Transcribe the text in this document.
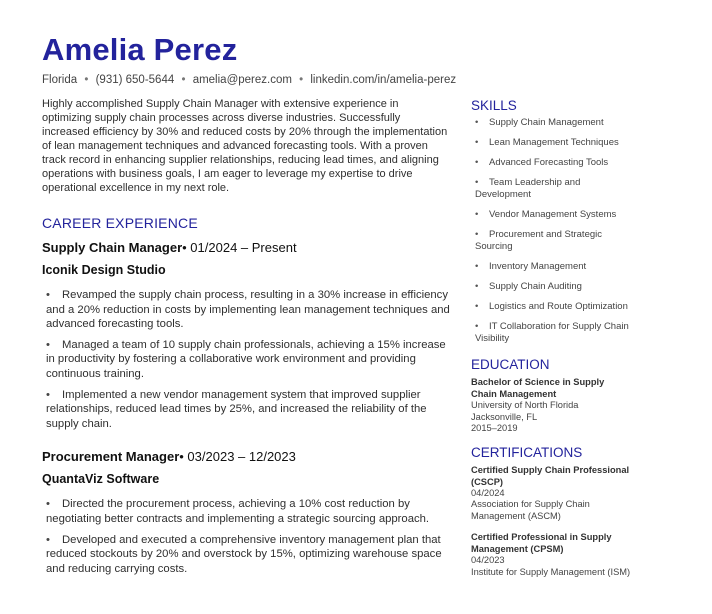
Amelia Perez
Florida • (931) 650-5644 • amelia@perez.com • linkedin.com/in/amelia-perez

Highly accomplished Supply Chain Manager with extensive experience in optimizing supply chain processes across diverse industries. Successfully increased efficiency by 30% and reduced costs by 20% through the implementation of lean management techniques and advanced forecasting tools. With a proven track record in enhancing supplier relationships, reducing lead times, and aligning operations with business goals, I am eager to leverage my expertise to drive operational excellence in my next role.

CAREER EXPERIENCE

Supply Chain Manager• 01/2024 – Present

Iconik Design Studio

• Revamped the supply chain process, resulting in a 30% increase in efficiency and a 20% reduction in costs by implementing lean management techniques and advanced forecasting tools.
• Managed a team of 10 supply chain professionals, achieving a 15% increase in productivity by fostering a collaborative work environment and providing continuous training.
• Implemented a new vendor management system that improved supplier relationships, reduced lead times by 25%, and increased the reliability of the supply chain.

Procurement Manager• 03/2023 – 12/2023

QuantaViz Software

• Directed the procurement process, achieving a 10% cost reduction by negotiating better contracts and implementing a strategic sourcing approach.
• Developed and executed a comprehensive inventory management plan that reduced stockouts by 20% and overstock by 15%, optimizing warehouse space and reducing carrying costs.
SKILLS
• Supply Chain Management
• Lean Management Techniques
• Advanced Forecasting Tools
• Team Leadership and Development
• Vendor Management Systems
• Procurement and Strategic Sourcing
• Inventory Management
• Supply Chain Auditing
• Logistics and Route Optimization
• IT Collaboration for Supply Chain Visibility
EDUCATION
Bachelor of Science in Supply Chain Management
University of North Florida
Jacksonville, FL
2015–2019
CERTIFICATIONS
Certified Supply Chain Professional (CSCP)
04/2024
Association for Supply Chain Management (ASCM)
Certified Professional in Supply Management (CPSM)
04/2023
Institute for Supply Management (ISM)
